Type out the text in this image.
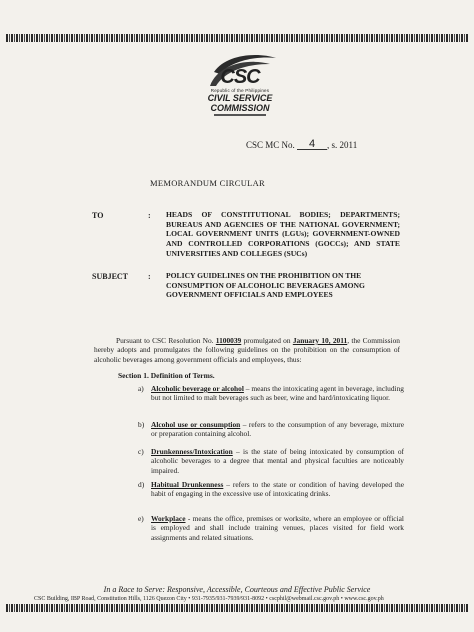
CSC
Republic of the Philippines
CIVIL SERVICE
COMMISSION
CSC MC No. 4 , s. 2011
MEMORANDUM CIRCULAR
TO	: HEADS OF CONSTITUTIONAL BODIES; DEPARTMENTS; BUREAUS AND AGENCIES OF THE NATIONAL GOVERNMENT; LOCAL GOVERNMENT UNITS (LGUs); GOVERNMENT-OWNED AND CONTROLLED CORPORATIONS (GOCCs); AND STATE UNIVERSITIES AND COLLEGES (SUCs)
SUBJECT : POLICY GUIDELINES ON THE PROHIBITION ON THE CONSUMPTION OF ALCOHOLIC BEVERAGES AMONG GOVERNMENT OFFICIALS AND EMPLOYEES
Pursuant to CSC Resolution No. 1100039 promulgated on January 10, 2011, the Commission hereby adopts and promulgates the following guidelines on the prohibition on the consumption of alcoholic beverages among government officials and employees, thus:
Section 1. Definition of Terms.
a) Alcoholic beverage or alcohol – means the intoxicating agent in beverage, including but not limited to malt beverages such as beer, wine and hard/intoxicating liquor.
b) Alcohol use or consumption – refers to the consumption of any beverage, mixture or preparation containing alcohol.
c) Drunkenness/Intoxication – is the state of being intoxicated by consumption of alcoholic beverages to a degree that mental and physical faculties are noticeably impaired.
d) Habitual Drunkenness – refers to the state or condition of having developed the habit of engaging in the excessive use of intoxicating drinks.
e) Workplace - means the office, premises or worksite, where an employee or official is employed and shall include training venues, places visited for field work assignments and related situations.
In a Race to Serve: Responsive, Accessible, Courteous and Effective Public Service
CSC Building, IBP Road, Constitution Hills, 1126 Quezon City • 931-7935/931-7939/931-8092 • cscphil@webmail.csc.gov.ph • www.csc.gov.ph
